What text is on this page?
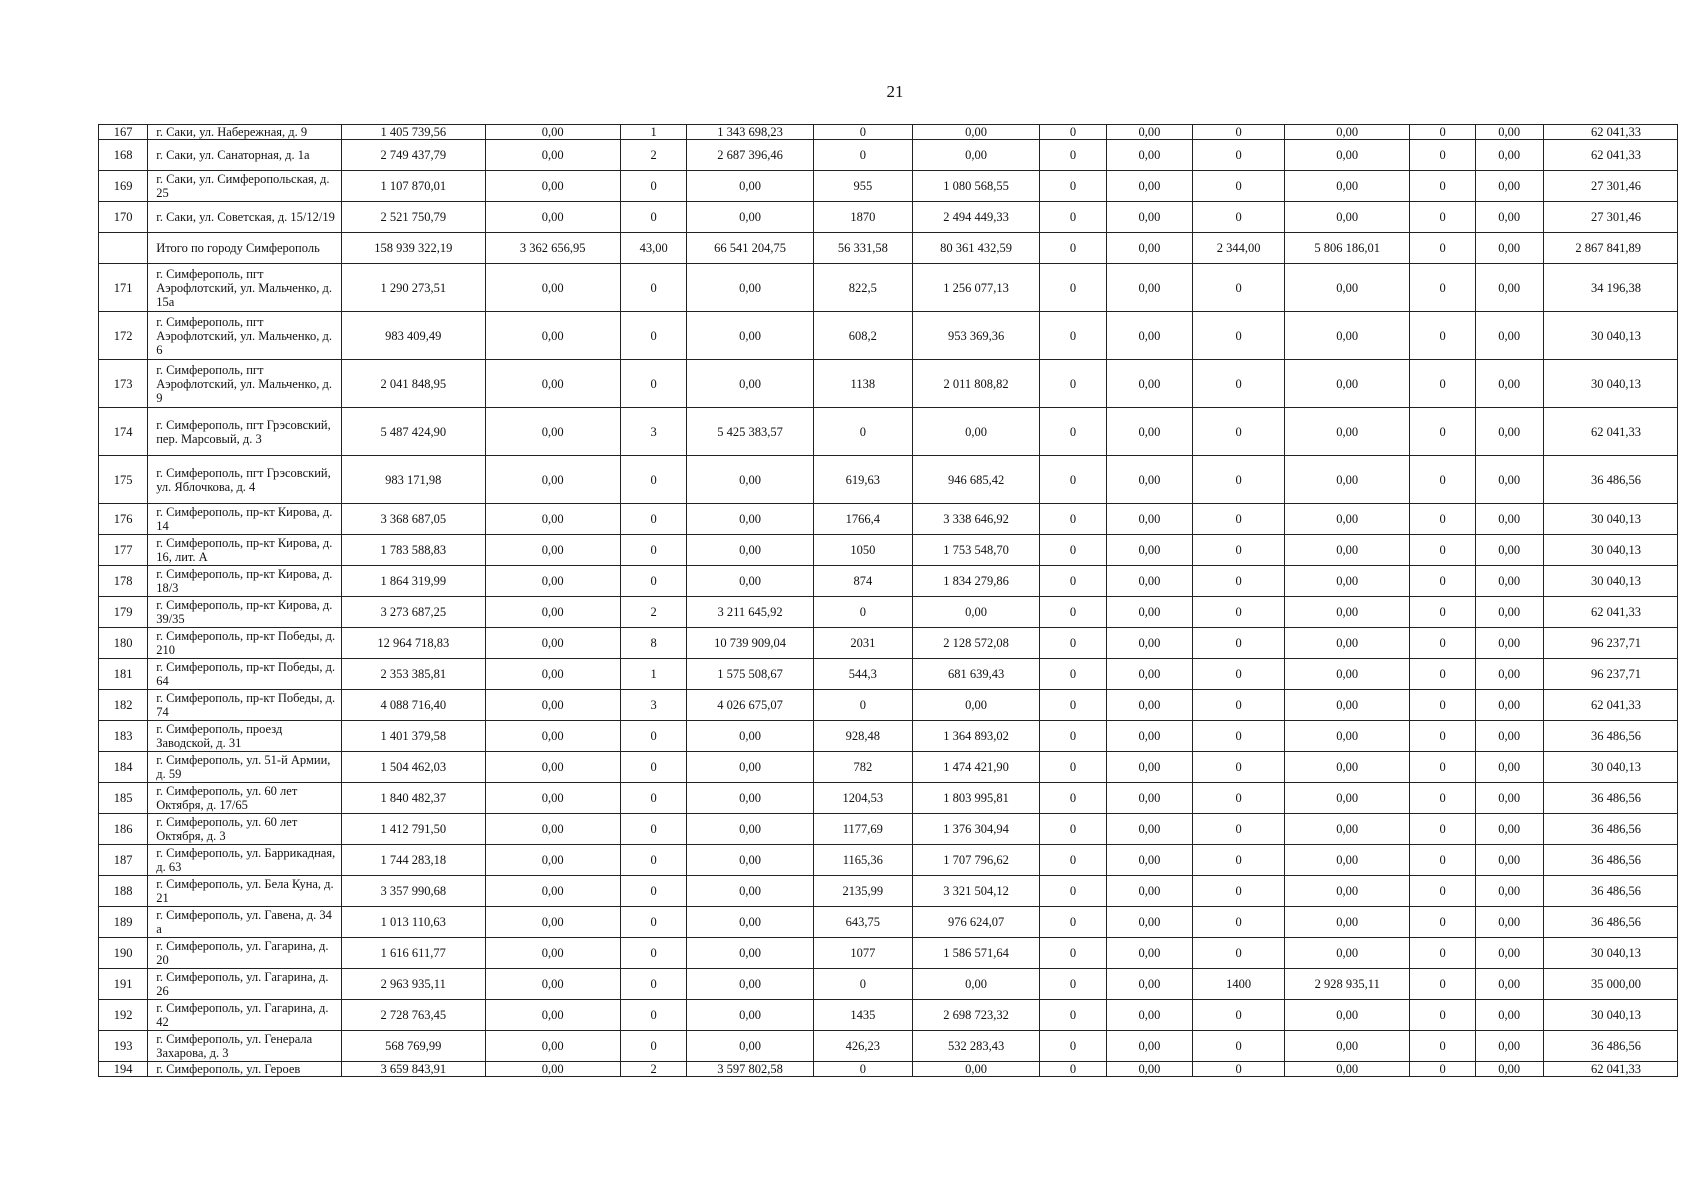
21
167	г. Саки, ул. Набережная, д. 9	1 405 739,56	0,00	1	1 343 698,23	0	0,00	0	0,00	0	0,00	0	0,00	62 041,33
168	г. Саки, ул. Санаторная, д. 1а	2 749 437,79	0,00	2	2 687 396,46	0	0,00	0	0,00	0	0,00	0	0,00	62 041,33
169	г. Саки, ул. Симферопольская, д. 25	1 107 870,01	0,00	0	0,00	955	1 080 568,55	0	0,00	0	0,00	0	0,00	27 301,46
170	г. Саки, ул. Советская, д. 15/12/19	2 521 750,79	0,00	0	0,00	1870	2 494 449,33	0	0,00	0	0,00	0	0,00	27 301,46
	Итого по городу Симферополь	158 939 322,19	3 362 656,95	43,00	66 541 204,75	56 331,58	80 361 432,59	0	0,00	2 344,00	5 806 186,01	0	0,00	2 867 841,89
171	г. Симферополь, пгт Аэрофлотский, ул. Мальченко, д. 15а	1 290 273,51	0,00	0	0,00	822,5	1 256 077,13	0	0,00	0	0,00	0	0,00	34 196,38
172	г. Симферополь, пгт Аэрофлотский, ул. Мальченко, д. 6	983 409,49	0,00	0	0,00	608,2	953 369,36	0	0,00	0	0,00	0	0,00	30 040,13
173	г. Симферополь, пгт Аэрофлотский, ул. Мальченко, д. 9	2 041 848,95	0,00	0	0,00	1138	2 011 808,82	0	0,00	0	0,00	0	0,00	30 040,13
174	г. Симферополь, пгт Грэсовский, пер. Марсовый, д. 3	5 487 424,90	0,00	3	5 425 383,57	0	0,00	0	0,00	0	0,00	0	0,00	62 041,33
175	г. Симферополь, пгт Грэсовский, ул. Яблочкова, д. 4	983 171,98	0,00	0	0,00	619,63	946 685,42	0	0,00	0	0,00	0	0,00	36 486,56
176	г. Симферополь, пр-кт Кирова, д. 14	3 368 687,05	0,00	0	0,00	1766,4	3 338 646,92	0	0,00	0	0,00	0	0,00	30 040,13
177	г. Симферополь, пр-кт Кирова, д. 16, лит. А	1 783 588,83	0,00	0	0,00	1050	1 753 548,70	0	0,00	0	0,00	0	0,00	30 040,13
178	г. Симферополь, пр-кт Кирова, д. 18/3	1 864 319,99	0,00	0	0,00	874	1 834 279,86	0	0,00	0	0,00	0	0,00	30 040,13
179	г. Симферополь, пр-кт Кирова, д. 39/35	3 273 687,25	0,00	2	3 211 645,92	0	0,00	0	0,00	0	0,00	0	0,00	62 041,33
180	г. Симферополь, пр-кт Победы, д. 210	12 964 718,83	0,00	8	10 739 909,04	2031	2 128 572,08	0	0,00	0	0,00	0	0,00	96 237,71
181	г. Симферополь, пр-кт Победы, д. 64	2 353 385,81	0,00	1	1 575 508,67	544,3	681 639,43	0	0,00	0	0,00	0	0,00	96 237,71
182	г. Симферополь, пр-кт Победы, д. 74	4 088 716,40	0,00	3	4 026 675,07	0	0,00	0	0,00	0	0,00	0	0,00	62 041,33
183	г. Симферополь, проезд Заводской, д. 31	1 401 379,58	0,00	0	0,00	928,48	1 364 893,02	0	0,00	0	0,00	0	0,00	36 486,56
184	г. Симферополь, ул. 51-й Армии, д. 59	1 504 462,03	0,00	0	0,00	782	1 474 421,90	0	0,00	0	0,00	0	0,00	30 040,13
185	г. Симферополь, ул. 60 лет Октября, д. 17/65	1 840 482,37	0,00	0	0,00	1204,53	1 803 995,81	0	0,00	0	0,00	0	0,00	36 486,56
186	г. Симферополь, ул. 60 лет Октября, д. 3	1 412 791,50	0,00	0	0,00	1177,69	1 376 304,94	0	0,00	0	0,00	0	0,00	36 486,56
187	г. Симферополь, ул. Баррикадная, д. 63	1 744 283,18	0,00	0	0,00	1165,36	1 707 796,62	0	0,00	0	0,00	0	0,00	36 486,56
188	г. Симферополь, ул. Бела Куна, д. 21	3 357 990,68	0,00	0	0,00	2135,99	3 321 504,12	0	0,00	0	0,00	0	0,00	36 486,56
189	г. Симферополь, ул. Гавена, д. 34 а	1 013 110,63	0,00	0	0,00	643,75	976 624,07	0	0,00	0	0,00	0	0,00	36 486,56
190	г. Симферополь, ул. Гагарина, д. 20	1 616 611,77	0,00	0	0,00	1077	1 586 571,64	0	0,00	0	0,00	0	0,00	30 040,13
191	г. Симферополь, ул. Гагарина, д. 26	2 963 935,11	0,00	0	0,00	0	0,00	0	0,00	1400	2 928 935,11	0	0,00	35 000,00
192	г. Симферополь, ул. Гагарина, д. 42	2 728 763,45	0,00	0	0,00	1435	2 698 723,32	0	0,00	0	0,00	0	0,00	30 040,13
193	г. Симферополь, ул. Генерала Захарова, д. 3	568 769,99	0,00	0	0,00	426,23	532 283,43	0	0,00	0	0,00	0	0,00	36 486,56
194	г. Симферополь, ул. Героев	3 659 843,91	0,00	2	3 597 802,58	0	0,00	0	0,00	0	0,00	0	0,00	62 041,33
